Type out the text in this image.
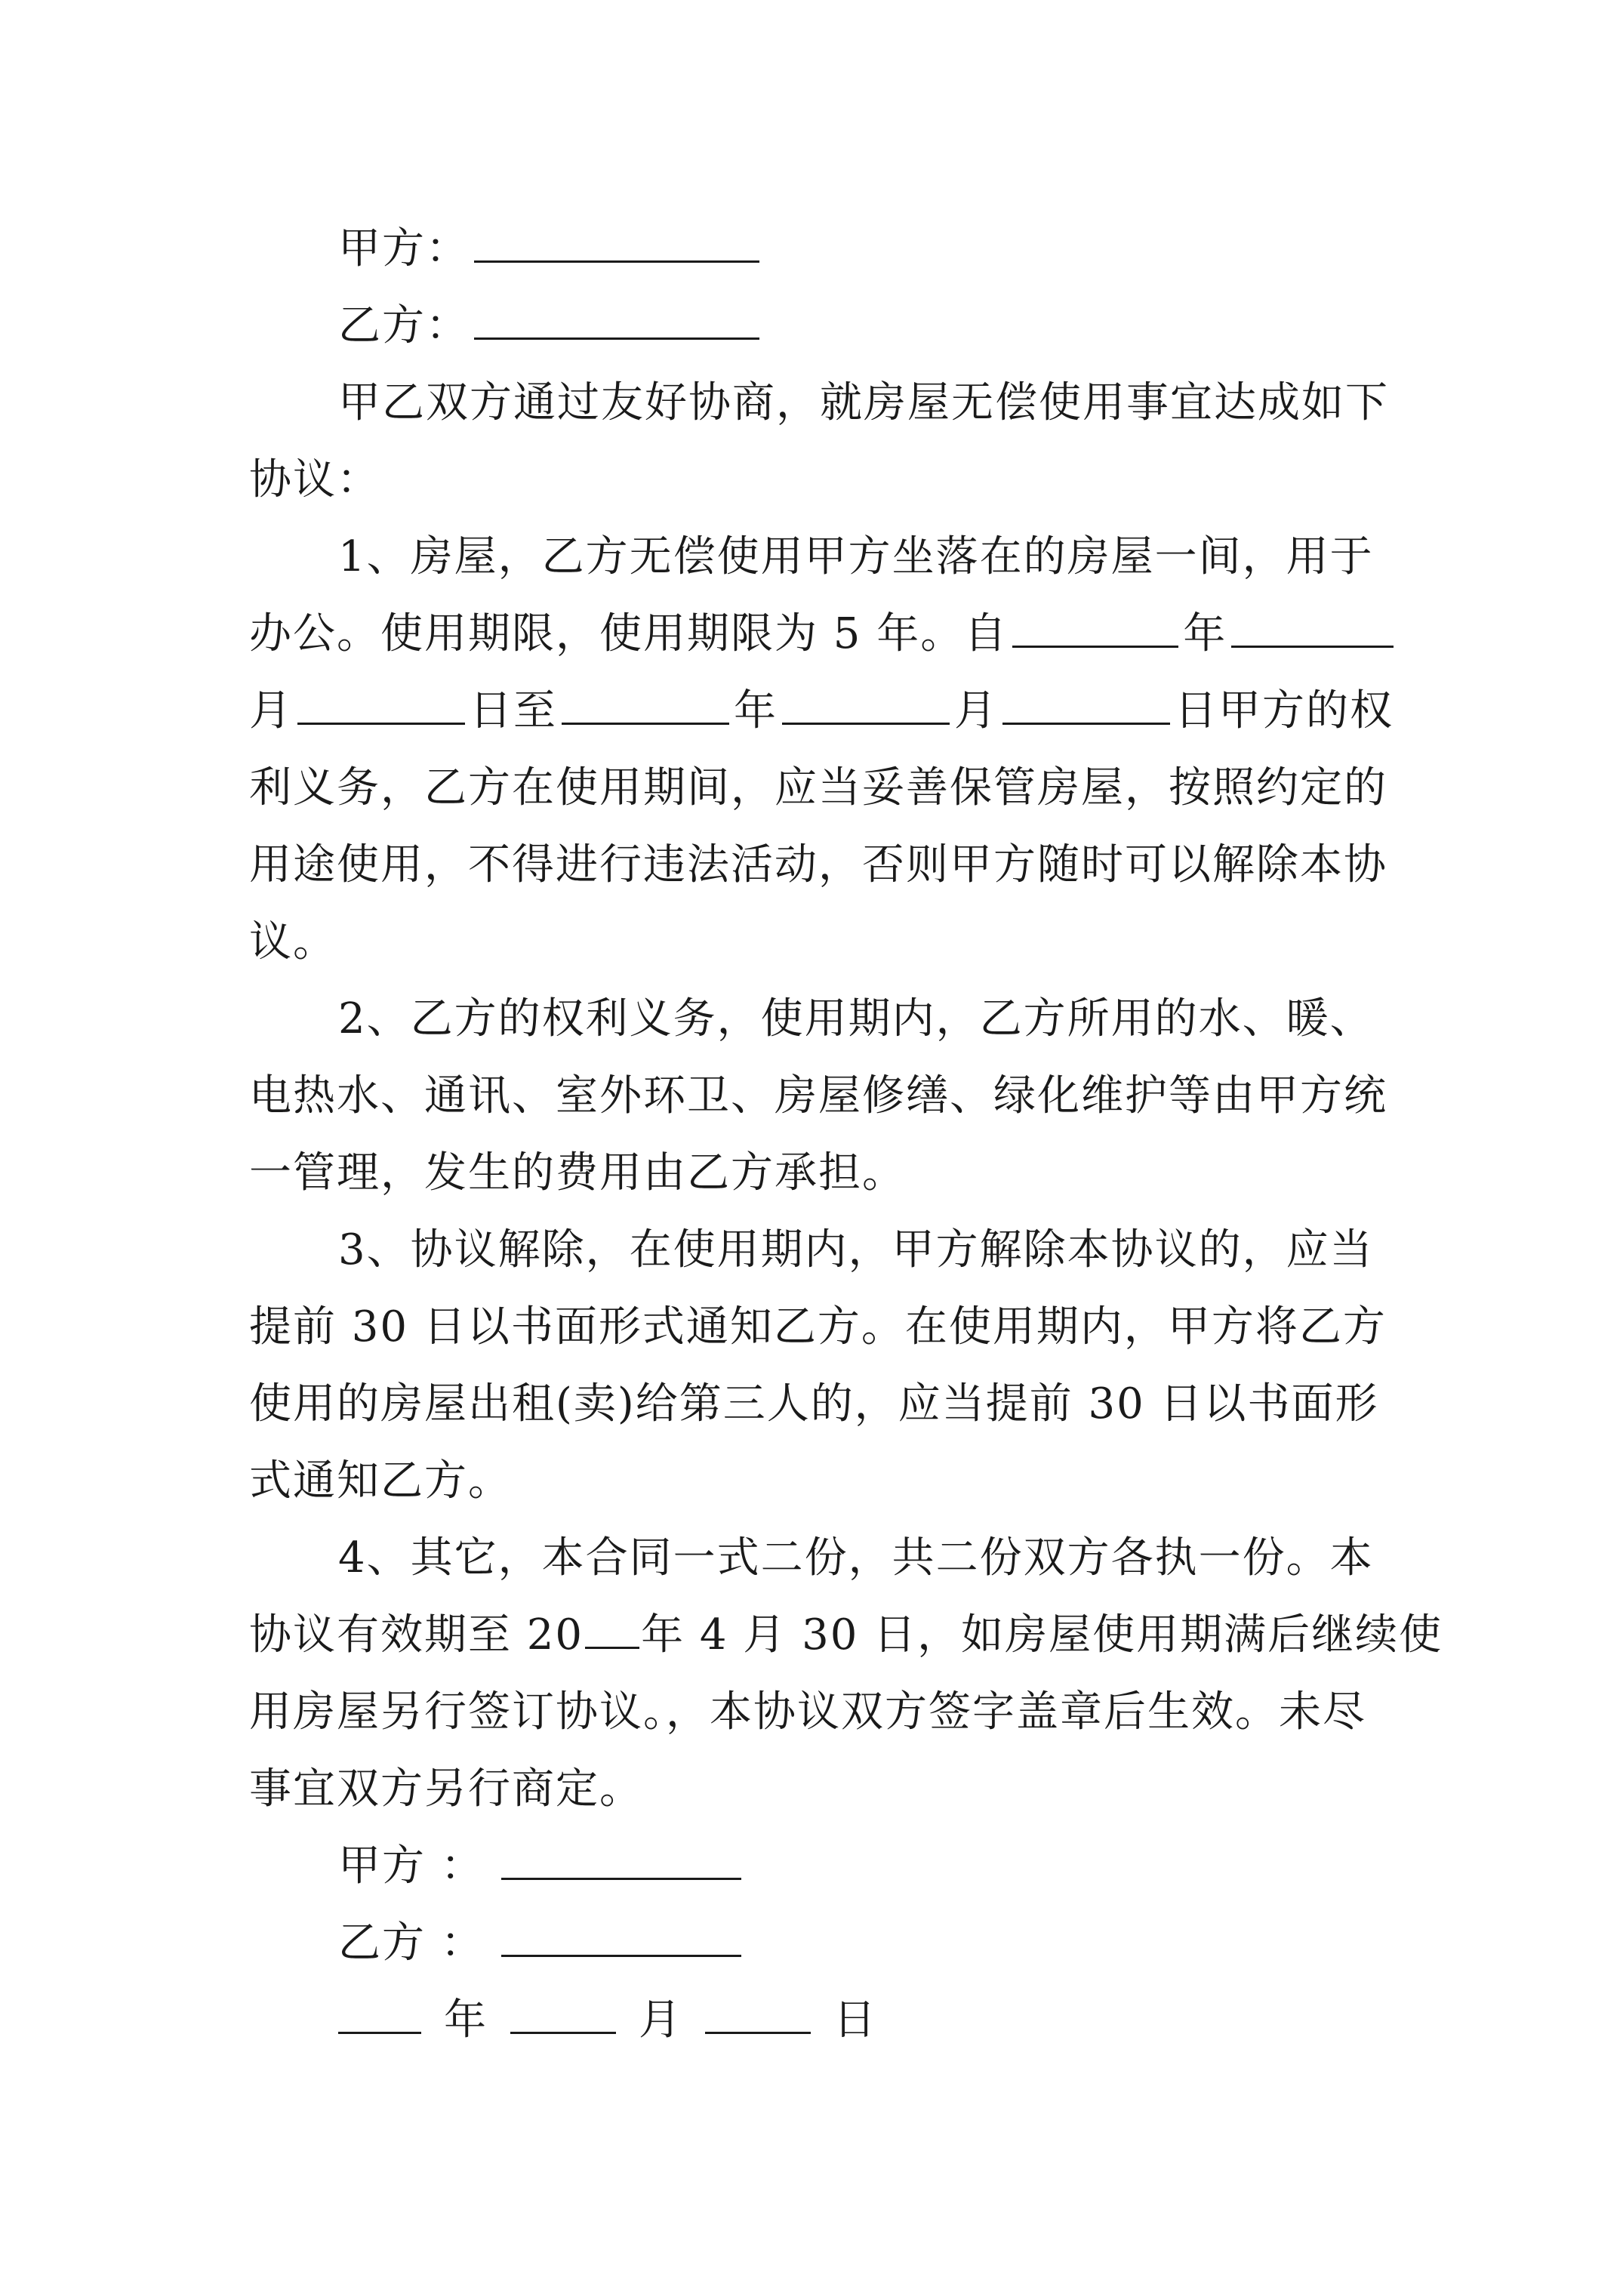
甲方：
乙方：
甲乙双方通过友好协商，就房屋无偿使用事宜达成如下
协议：
1、房屋，乙方无偿使用甲方坐落在的房屋一间，用于
办公。使用期限，使用期限为 5 年。自	年
月	日至	年	月	日甲方的权
利义务，乙方在使用期间，应当妥善保管房屋，按照约定的
用途使用，不得进行违法活动，否则甲方随时可以解除本协
议。
2、乙方的权利义务，使用期内，乙方所用的水、暖、
电热水、通讯、室外环卫、房屋修缮、绿化维护等由甲方统
一管理，发生的费用由乙方承担。
3、协议解除，在使用期内，甲方解除本协议的，应当
提前 30 日以书面形式通知乙方。在使用期内，甲方将乙方
使用的房屋出租(卖)给第三人的，应当提前 30 日以书面形
式通知乙方。
4、其它，本合同一式二份，共二份双方各执一份。本
协议有效期至 20 年 4 月 30 日，如房屋使用期满后继续使
用房屋另行签订协议。，本协议双方签字盖章后生效。未尽
事宜双方另行商定。
甲方 ：
乙方 ：
年	月	日
